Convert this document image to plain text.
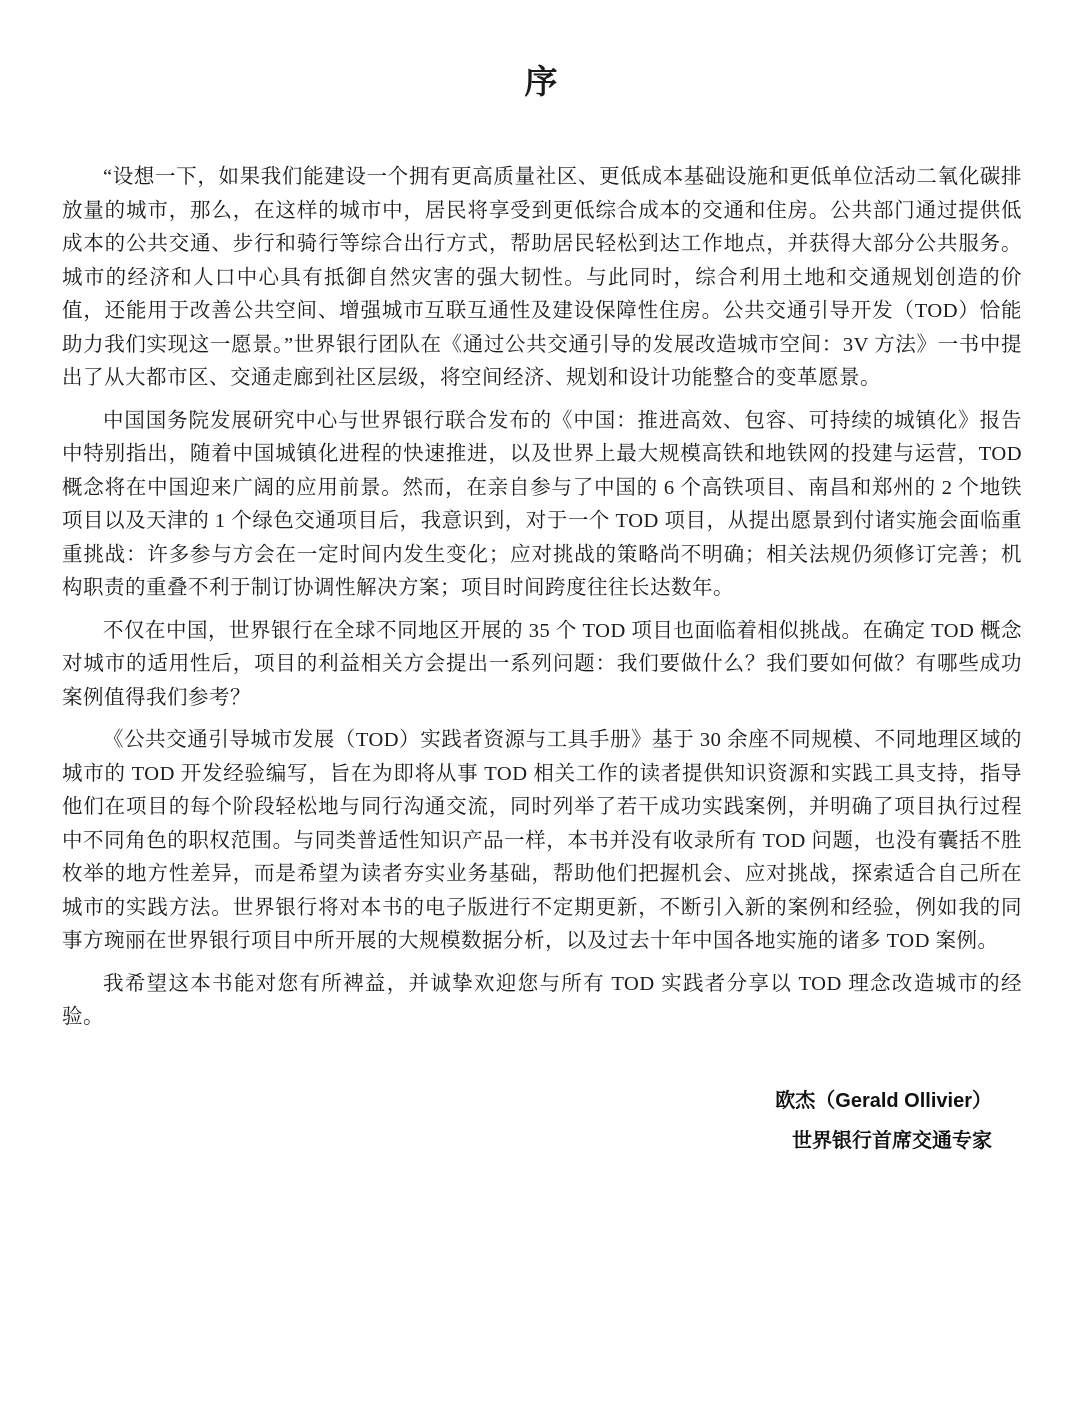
序

“设想一下，如果我们能建设一个拥有更高质量社区、更低成本基础设施和更低单位活动二氧化碳排放量的城市，那么，在这样的城市中，居民将享受到更低综合成本的交通和住房。公共部门通过提供低成本的公共交通、步行和骑行等综合出行方式，帮助居民轻松到达工作地点，并获得大部分公共服务。城市的经济和人口中心具有抵御自然灾害的强大韧性。与此同时，综合利用土地和交通规划创造的价值，还能用于改善公共空间、增强城市互联互通性及建设保障性住房。公共交通引导开发（TOD）恰能助力我们实现这一愿景。”世界银行团队在《通过公共交通引导的发展改造城市空间：3V 方法》一书中提出了从大都市区、交通走廊到社区层级，将空间经济、规划和设计功能整合的变革愿景。

中国国务院发展研究中心与世界银行联合发布的《中国：推进高效、包容、可持续的城镇化》报告中特别指出，随着中国城镇化进程的快速推进，以及世界上最大规模高铁和地铁网的投建与运营，TOD 概念将在中国迎来广阔的应用前景。然而，在亲自参与了中国的 6 个高铁项目、南昌和郑州的 2 个地铁项目以及天津的 1 个绿色交通项目后，我意识到，对于一个 TOD 项目，从提出愿景到付诸实施会面临重重挑战：许多参与方会在一定时间内发生变化；应对挑战的策略尚不明确；相关法规仍须修订完善；机构职责的重叠不利于制订协调性解决方案；项目时间跨度往往长达数年。

不仅在中国，世界银行在全球不同地区开展的 35 个 TOD 项目也面临着相似挑战。在确定 TOD 概念对城市的适用性后，项目的利益相关方会提出一系列问题：我们要做什么？我们要如何做？有哪些成功案例值得我们参考？

《公共交通引导城市发展（TOD）实践者资源与工具手册》基于 30 余座不同规模、不同地理区域的城市的 TOD 开发经验编写，旨在为即将从事 TOD 相关工作的读者提供知识资源和实践工具支持，指导他们在项目的每个阶段轻松地与同行沟通交流，同时列举了若干成功实践案例，并明确了项目执行过程中不同角色的职权范围。与同类普适性知识产品一样，本书并没有收录所有 TOD 问题，也没有囊括不胜枚举的地方性差异，而是希望为读者夯实业务基础，帮助他们把握机会、应对挑战，探索适合自己所在城市的实践方法。世界银行将对本书的电子版进行不定期更新，不断引入新的案例和经验，例如我的同事方琬丽在世界银行项目中所开展的大规模数据分析，以及过去十年中国各地实施的诸多 TOD 案例。

我希望这本书能对您有所裨益，并诚挚欢迎您与所有 TOD 实践者分享以 TOD 理念改造城市的经验。

欧杰（Gerald Ollivier）
世界银行首席交通专家
